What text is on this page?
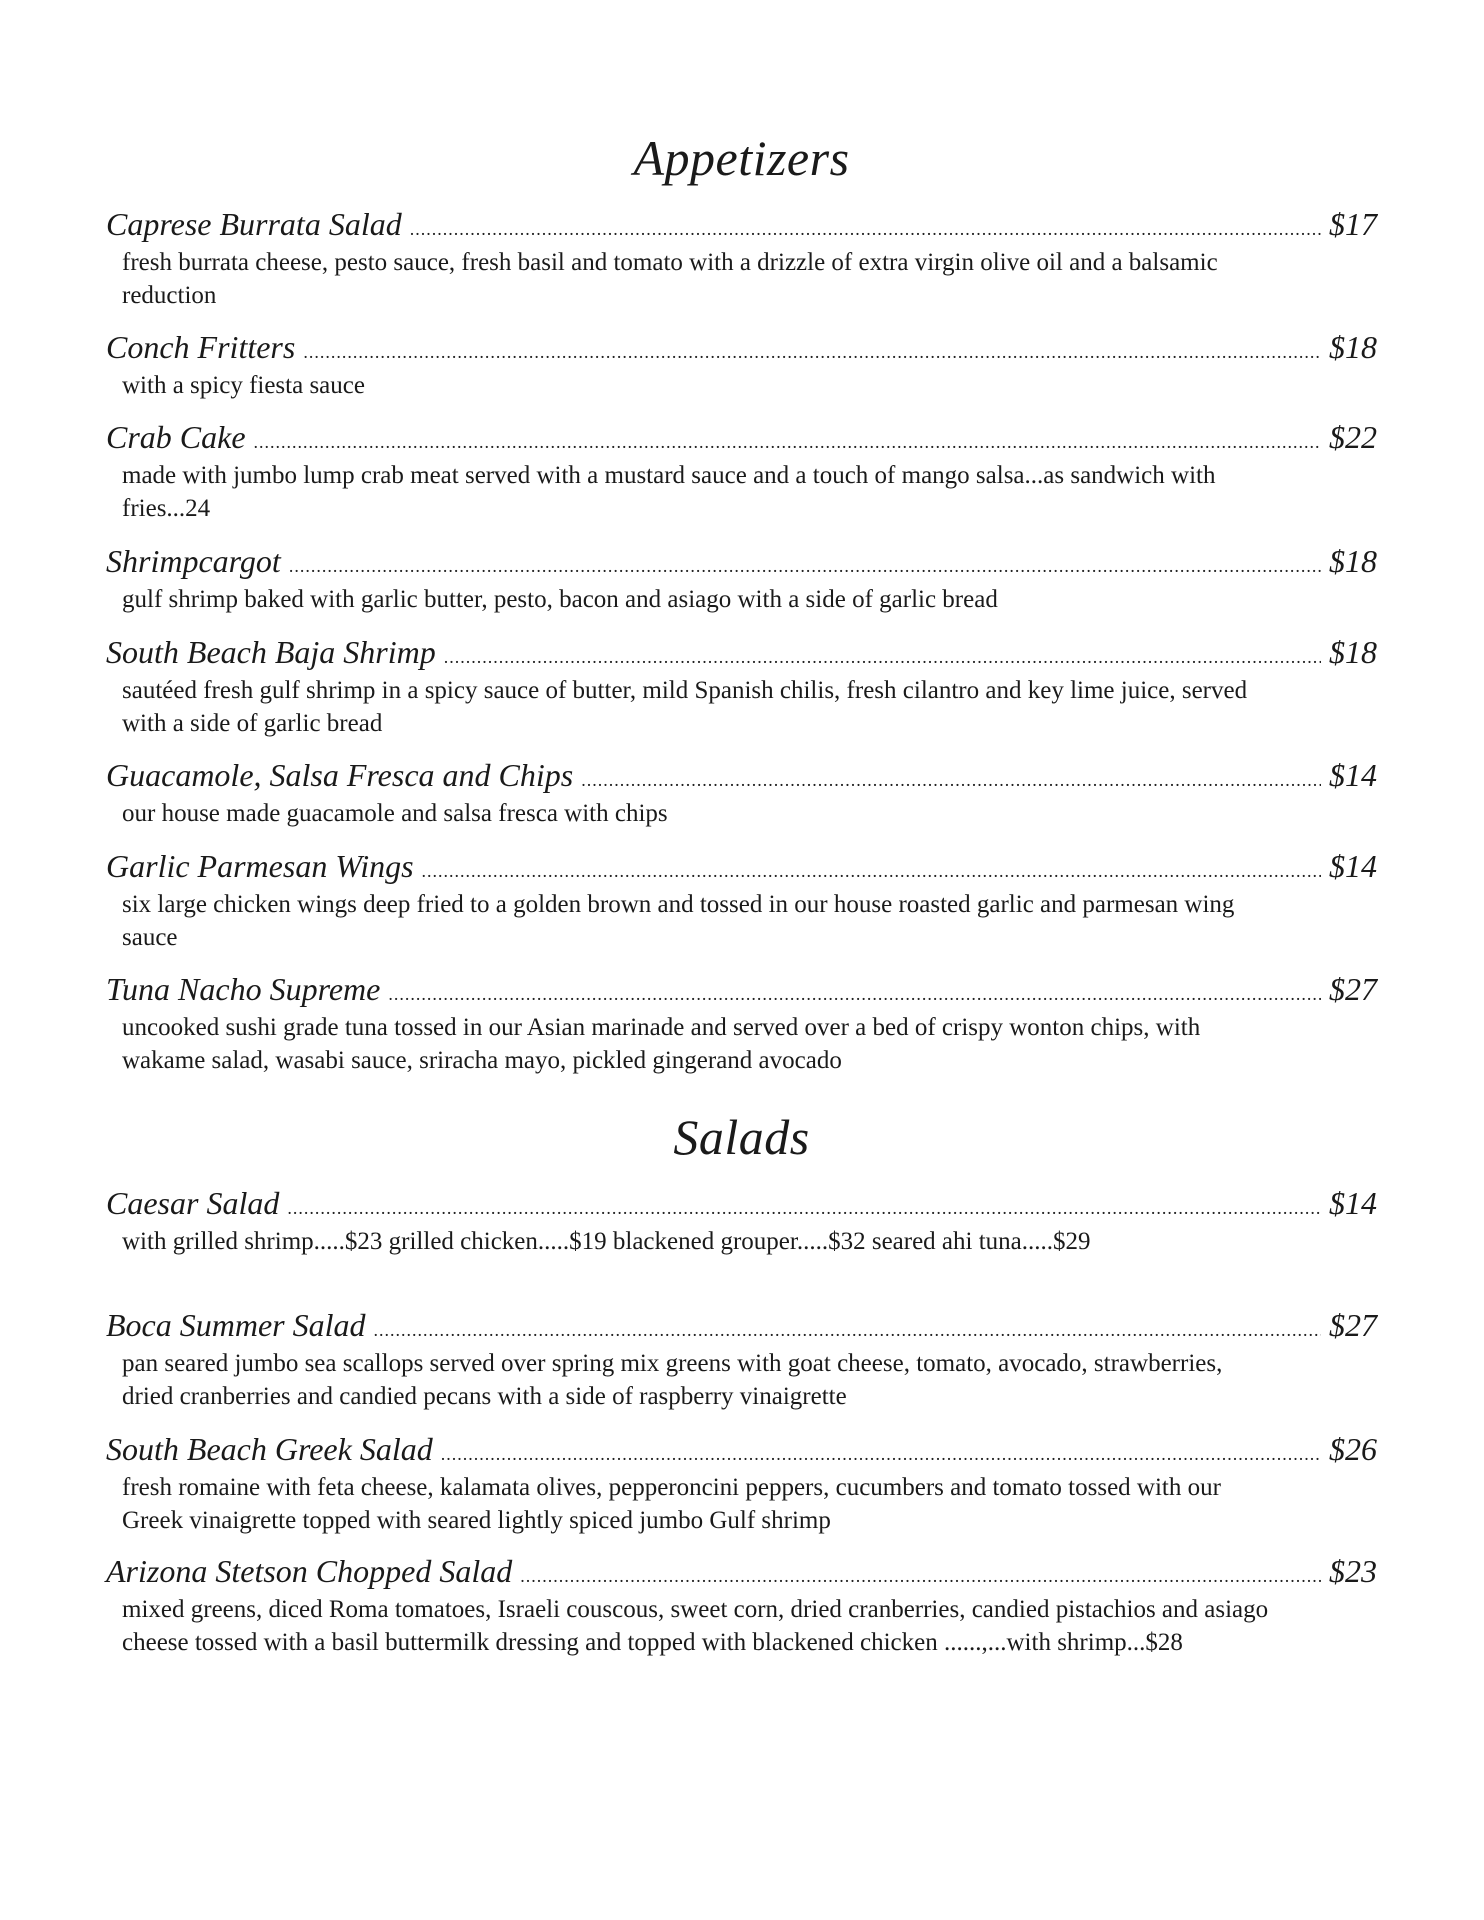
Appetizers
Caprese Burrata Salad .....	$17
fresh burrata cheese, pesto sauce, fresh basil and tomato with a drizzle of extra virgin olive oil and a balsamic reduction
Conch Fritters .....	$18
with a spicy fiesta sauce
Crab Cake .....	$22
made with jumbo lump crab meat served with a mustard sauce and a touch of mango salsa...as sandwich with fries...24
Shrimpcargot .....	$18
gulf shrimp baked with garlic butter, pesto, bacon and asiago with a side of garlic bread
South Beach Baja Shrimp .....	$18
sautéed fresh gulf shrimp in a spicy sauce of butter, mild Spanish chilis, fresh cilantro and key lime juice, served with a side of garlic bread
Guacamole, Salsa Fresca and Chips .....	$14
our house made guacamole and salsa fresca with chips
Garlic Parmesan Wings .....	$14
six large chicken wings deep fried to a golden brown and tossed in our house roasted garlic and parmesan wing sauce
Tuna Nacho Supreme .....	$27
uncooked sushi grade tuna tossed in our Asian marinade and served over a bed of crispy wonton chips, with wakame salad, wasabi sauce, sriracha mayo, pickled gingerand avocado
Salads
Caesar Salad .....	$14
with grilled shrimp.....$23 grilled chicken.....$19 blackened grouper.....$32 seared ahi tuna.....$29
Boca Summer Salad .....	$27
pan seared jumbo sea scallops served over spring mix greens with goat cheese, tomato, avocado, strawberries, dried cranberries and candied pecans with a side of raspberry vinaigrette
South Beach Greek Salad .....	$26
fresh romaine with feta cheese, kalamata olives, pepperoncini peppers, cucumbers and tomato tossed with our Greek vinaigrette topped with seared lightly spiced jumbo Gulf shrimp
Arizona Stetson Chopped Salad .....	$23
mixed greens, diced Roma tomatoes, Israeli couscous, sweet corn, dried cranberries, candied pistachios and asiago cheese tossed with a basil buttermilk dressing and topped with blackened chicken ......,...with shrimp...$28
